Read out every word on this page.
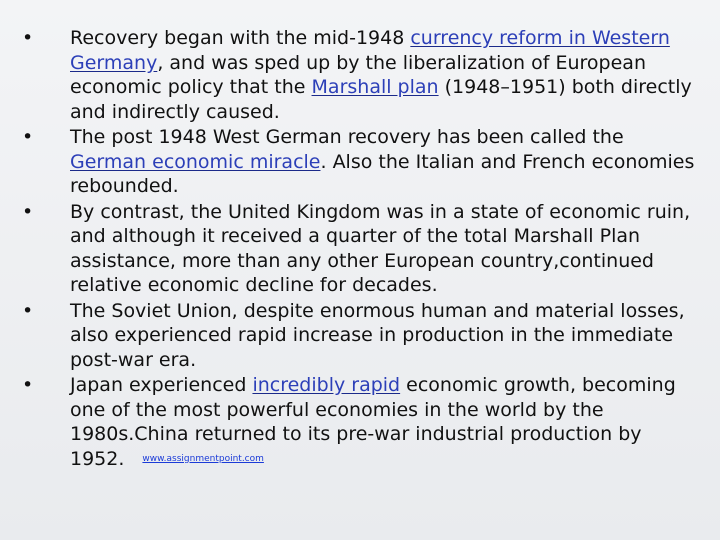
• Recovery began with the mid-1948 currency reform in Western Germany, and was sped up by the liberalization of European economic policy that the Marshall plan (1948–1951) both directly and indirectly caused.
• The post 1948 West German recovery has been called the German economic miracle. Also the Italian and French economies rebounded.
• By contrast, the United Kingdom was in a state of economic ruin, and although it received a quarter of the total Marshall Plan assistance, more than any other European country,continued relative economic decline for decades.
• The Soviet Union, despite enormous human and material losses, also experienced rapid increase in production in the immediate post-war era.
• Japan experienced incredibly rapid economic growth, becoming one of the most powerful economies in the world by the 1980s.China returned to its pre-war industrial production by 1952. $^{www.assignmentpoint.com}$
